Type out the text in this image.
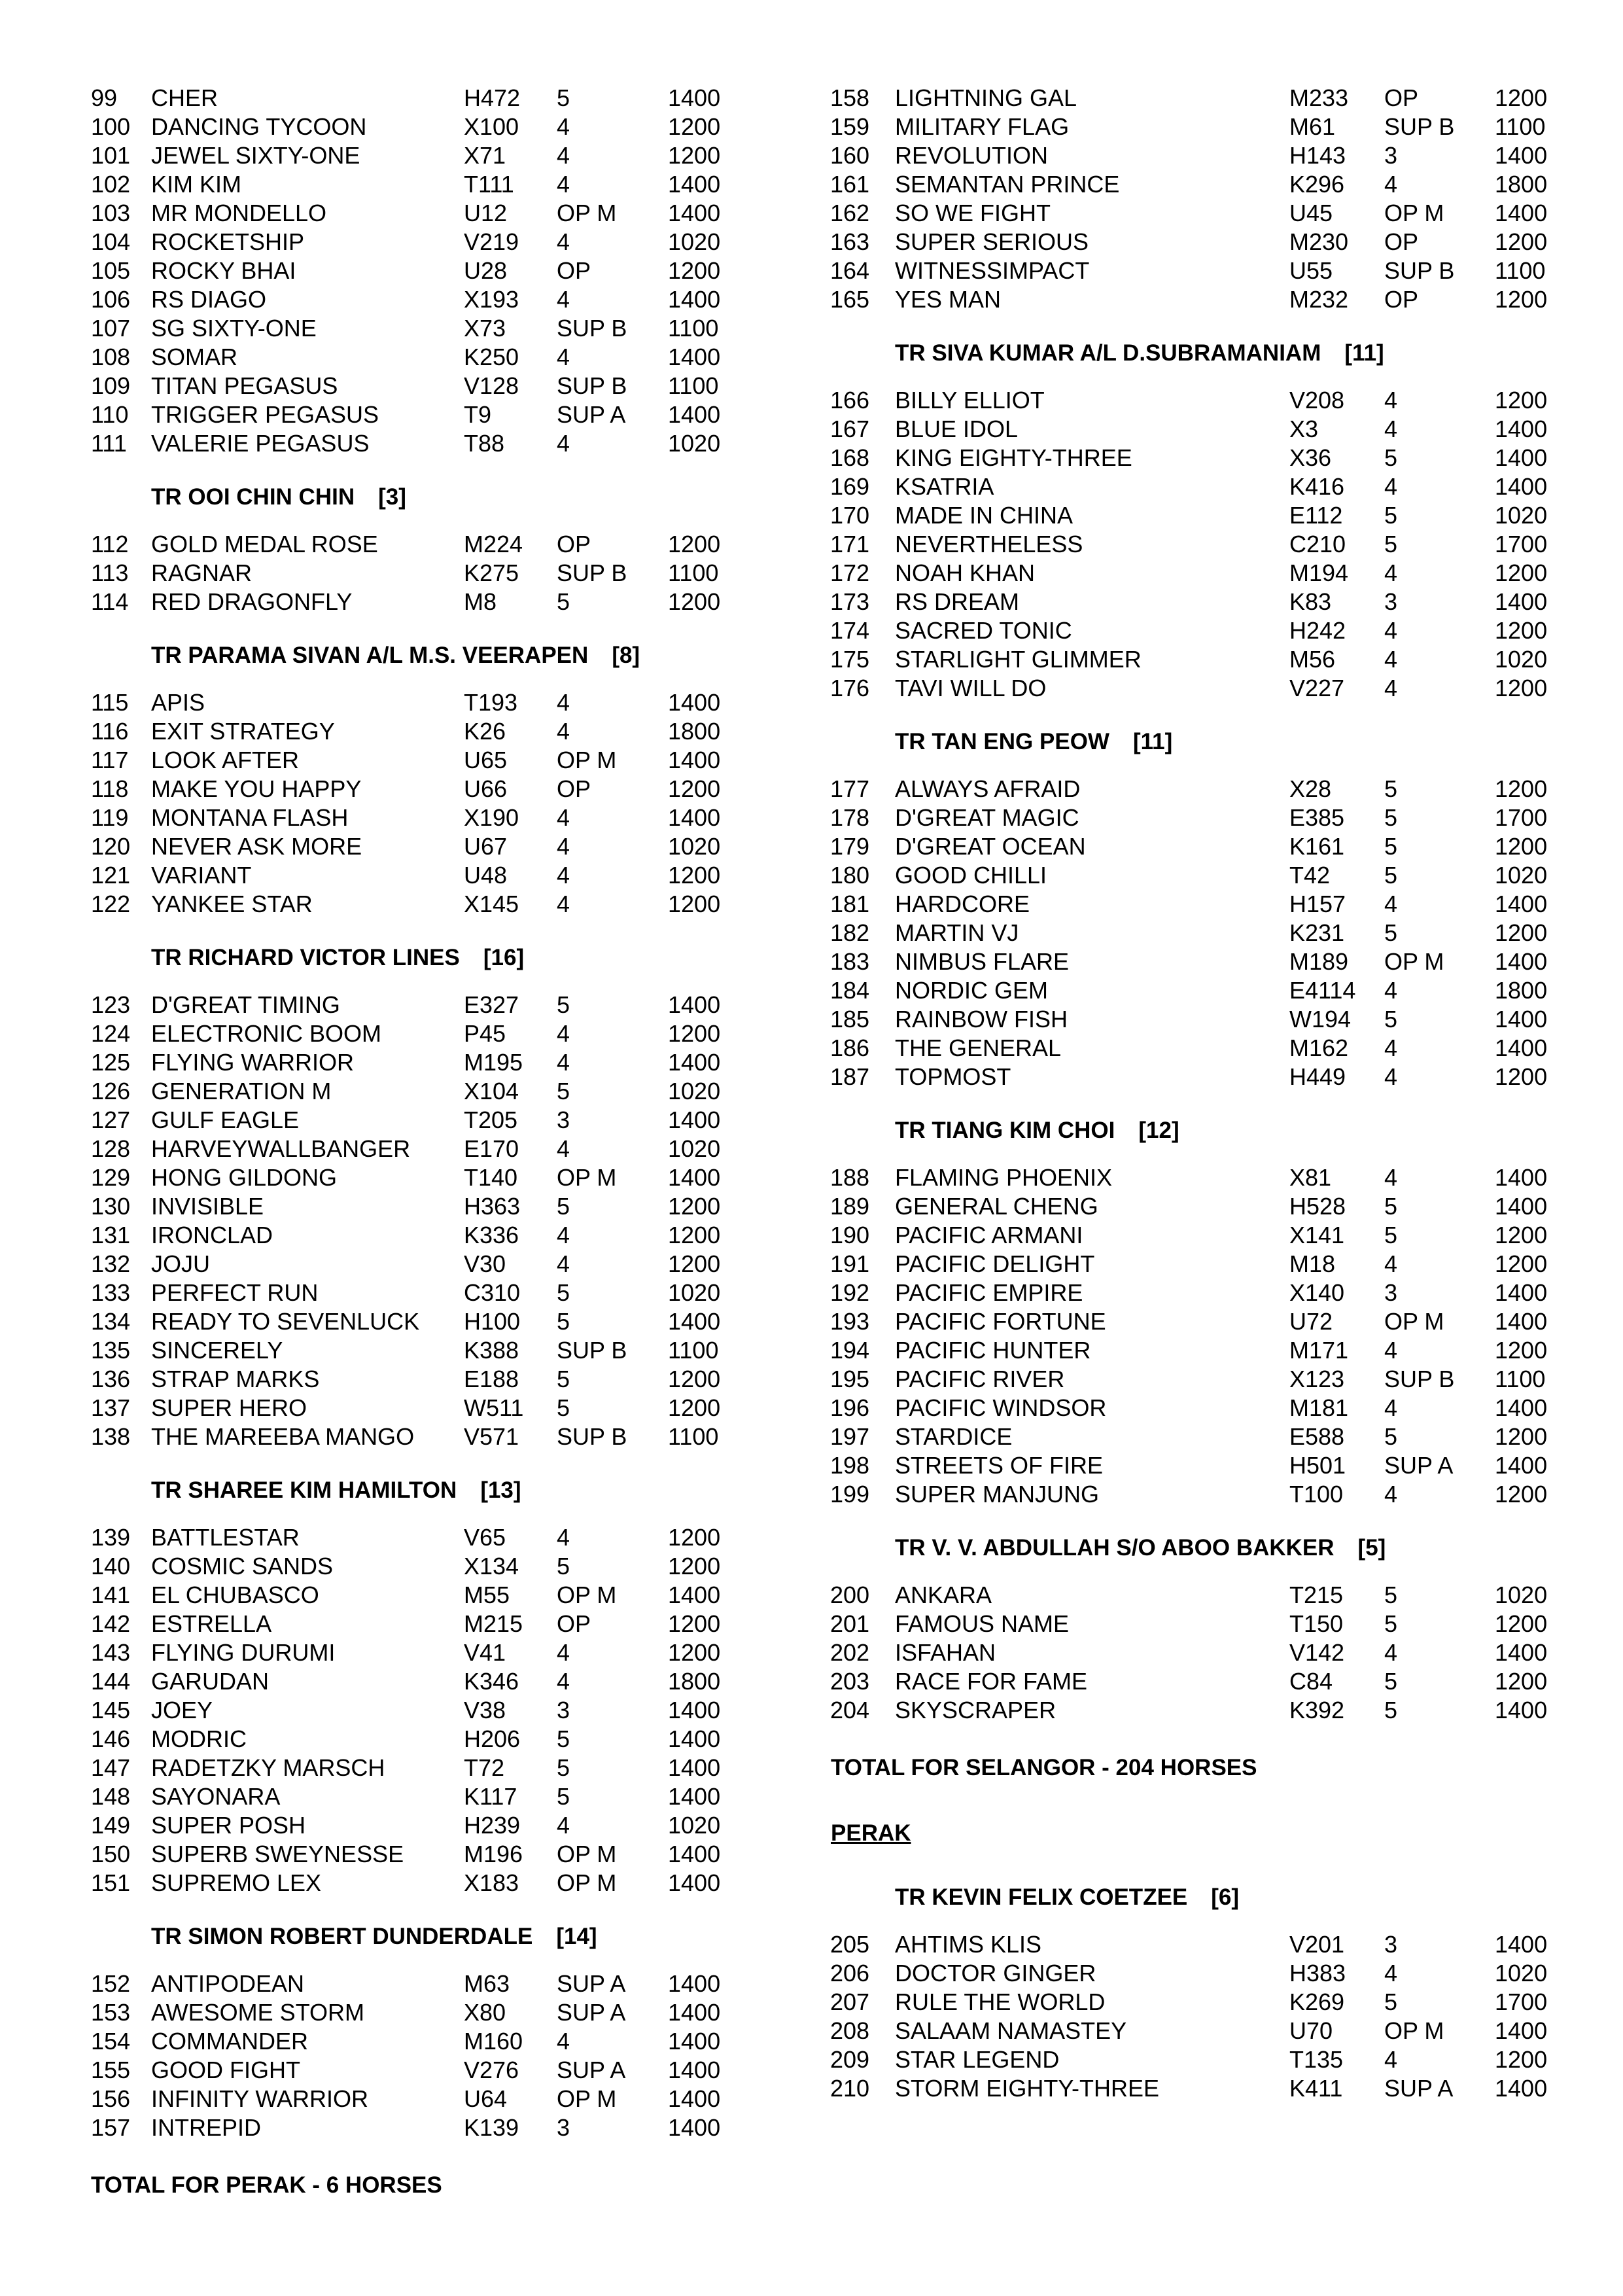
99 CHER	H472 5	1400
100 DANCING TYCOON	X100 4	1200
101 JEWEL SIXTY-ONE	X71 4	1200
102 KIM KIM	T111 4	1400
103 MR MONDELLO	U12 OP M 1400
104 ROCKETSHIP	V219 4	1020
105 ROCKY BHAI	U28 OP	1200
106 RS DIAGO	X193 4	1400
107 SG SIXTY-ONE	X73 SUP B 1100
108 SOMAR	K250 4	1400
109 TITAN PEGASUS	V128 SUP B 1100
110 TRIGGER PEGASUS	T9	SUP A 1400
111 VALERIE PEGASUS	T88 4	1020
TR OOI CHIN CHIN [3]
112 GOLD MEDAL ROSE	M224 OP	1200
113 RAGNAR	K275 SUP B 1100
114 RED DRAGONFLY	M8	5	1200
TR PARAMA SIVAN A/L M.S. VEERAPEN [8]
115 APIS	T193 4	1400
116 EXIT STRATEGY	K26 4	1800
117 LOOK AFTER	U65 OP M 1400
118 MAKE YOU HAPPY	U66 OP	1200
119 MONTANA FLASH	X190 4	1400
120 NEVER ASK MORE	U67 4	1020
121 VARIANT	U48 4	1200
122 YANKEE STAR	X145 4	1200
TR RICHARD VICTOR LINES [16]
123 D'GREAT TIMING	E327 5	1400
124 ELECTRONIC BOOM	P45 4	1200
125 FLYING WARRIOR	M195 4	1400
126 GENERATION M	X104 5	1020
127 GULF EAGLE	T205 3	1400
128 HARVEYWALLBANGER E170 4	1020
129 HONG GILDONG	T140 OP M 1400
130 INVISIBLE	H363 5	1200
131 IRONCLAD	K336 4	1200
132 JOJU	V30 4	1200
133 PERFECT RUN	C310 5	1020
134 READY TO SEVENLUCK H100 5	1400
135 SINCERELY	K388 SUP B 1100
136 STRAP MARKS	E188 5	1200
137 SUPER HERO	W511 5	1200
138 THE MAREEBA MANGO V571 SUP B 1100
TR SHAREE KIM HAMILTON [13]
139 BATTLESTAR	V65 4	1200
140 COSMIC SANDS	X134 5	1200
141 EL CHUBASCO	M55 OP M 1400
142 ESTRELLA	M215 OP	1200
143 FLYING DURUMI	V41 4	1200
144 GARUDAN	K346 4	1800
145 JOEY	V38 3	1400
146 MODRIC	H206 5	1400
147 RADETZKY MARSCH	T72 5	1400
148 SAYONARA	K117 5	1400
149 SUPER POSH	H239 4	1020
150 SUPERB SWEYNESSE	M196 OP M 1400
151 SUPREMO LEX	X183 OP M 1400
TR SIMON ROBERT DUNDERDALE [14]
152 ANTIPODEAN	M63 SUP A 1400
153 AWESOME STORM	X80 SUP A 1400
154 COMMANDER	M160 4	1400
155 GOOD FIGHT	V276 SUP A 1400
156 INFINITY WARRIOR	U64 OP M 1400
157 INTREPID	K139 3	1400
TOTAL FOR PERAK - 6 HORSES
158 LIGHTNING GAL	M233 OP	1200
159 MILITARY FLAG	M61 SUP B 1100
160 REVOLUTION	H143 3	1400
161 SEMANTAN PRINCE	K296 4	1800
162 SO WE FIGHT	U45 OP M 1400
163 SUPER SERIOUS	M230 OP	1200
164 WITNESSIMPACT	U55 SUP B 1100
165 YES MAN	M232 OP	1200
TR SIVA KUMAR A/L D.SUBRAMANIAM [11]
166 BILLY ELLIOT	V208 4	1200
167 BLUE IDOL	X3	4	1400
168 KING EIGHTY-THREE	X36 5	1400
169 KSATRIA	K416 4	1400
170 MADE IN CHINA	E112 5	1020
171 NEVERTHELESS	C210 5	1700
172 NOAH KHAN	M194 4	1200
173 RS DREAM	K83 3	1400
174 SACRED TONIC	H242 4	1200
175 STARLIGHT GLIMMER	M56 4	1020
176 TAVI WILL DO	V227 4	1200
TR TAN ENG PEOW [11]
177 ALWAYS AFRAID	X28 5	1200
178 D'GREAT MAGIC	E385 5	1700
179 D'GREAT OCEAN	K161 5	1200
180 GOOD CHILLI	T42 5	1020
181 HARDCORE	H157 4	1400
182 MARTIN VJ	K231 5	1200
183 NIMBUS FLARE	M189 OP M 1400
184 NORDIC GEM	E4114 4	1800
185 RAINBOW FISH	W194 5	1400
186 THE GENERAL	M162 4	1400
187 TOPMOST	H449 4	1200
TR TIANG KIM CHOI [12]
188 FLAMING PHOENIX	X81 4	1400
189 GENERAL CHENG	H528 5	1400
190 PACIFIC ARMANI	X141 5	1200
191 PACIFIC DELIGHT	M18 4	1200
192 PACIFIC EMPIRE	X140 3	1400
193 PACIFIC FORTUNE	U72 OP M 1400
194 PACIFIC HUNTER	M171 4	1200
195 PACIFIC RIVER	X123 SUP B 1100
196 PACIFIC WINDSOR	M181 4	1400
197 STARDICE	E588 5	1200
198 STREETS OF FIRE	H501 SUP A 1400
199 SUPER MANJUNG	T100 4	1200
TR V. V. ABDULLAH S/O ABOO BAKKER [5]
200 ANKARA	T215 5	1020
201 FAMOUS NAME	T150 5	1200
202 ISFAHAN	V142 4	1400
203 RACE FOR FAME	C84 5	1200
204 SKYSCRAPER	K392 5	1400
TOTAL FOR SELANGOR - 204 HORSES
PERAK
TR KEVIN FELIX COETZEE [6]
205 AHTIMS KLIS	V201 3	1400
206 DOCTOR GINGER	H383 4	1020
207 RULE THE WORLD	K269 5	1700
208 SALAAM NAMASTEY	U70 OP M 1400
209 STAR LEGEND	T135 4	1200
210 STORM EIGHTY-THREE	K411 SUP A 1400
